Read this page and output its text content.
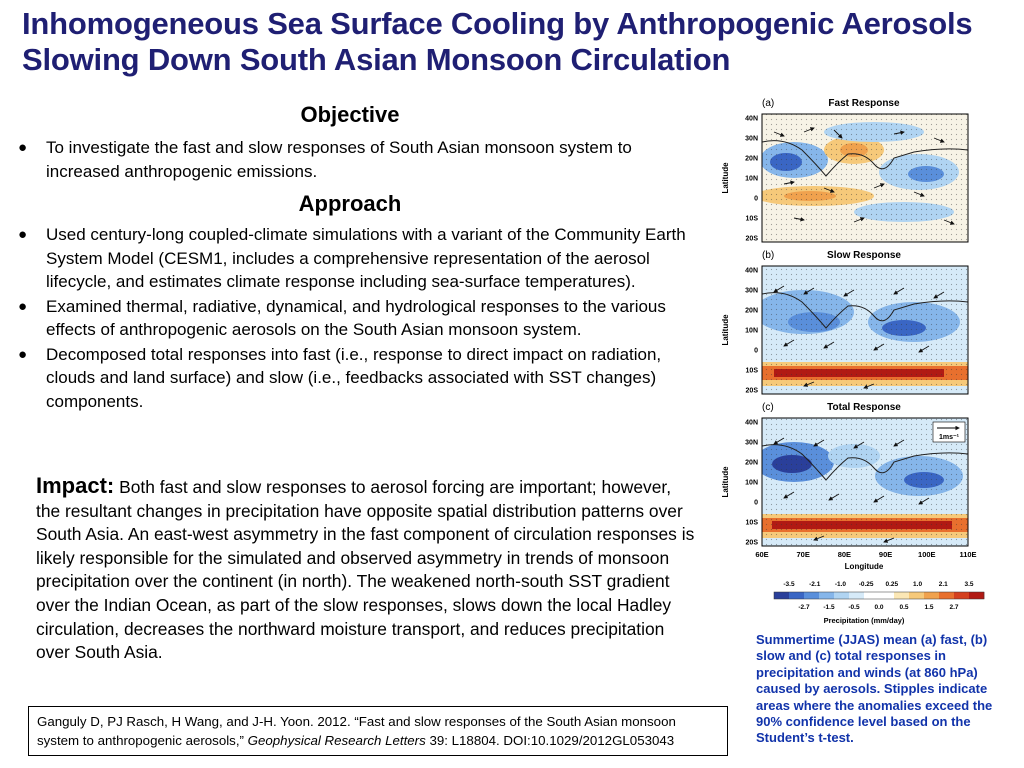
Inhomogeneous Sea Surface Cooling by Anthropogenic Aerosols Slowing Down South Asian Monsoon Circulation
Objective
● To investigate the fast and slow responses of South Asian monsoon system to increased anthropogenic emissions.
Approach
● Used century-long coupled-climate simulations with a variant of the Community Earth System Model (CESM1, includes a comprehensive representation of the aerosol lifecycle, and estimates climate response including sea-surface temperatures).
● Examined thermal, radiative, dynamical, and hydrological responses to the various effects of anthropogenic aerosols on the South Asian monsoon system.
● Decomposed total responses into fast (i.e., response to direct impact on radiation, clouds and land surface) and slow (i.e., feedbacks associated with SST changes) components.
Impact: Both fast and slow responses to aerosol forcing are important; however, the resultant changes in precipitation have opposite spatial distribution patterns over South Asia. An east-west asymmetry in the fast component of circulation responses is likely responsible for the simulated and observed asymmetry in trends of monsoon precipitation over the continent (in north). The weakened north-south SST gradient over the Indian Ocean, as part of the slow responses, slows down the local Hadley circulation, decreases the northward moisture transport, and reduces precipitation over South Asia.
Ganguly D, PJ Rasch, H Wang, and J-H. Yoon. 2012. “Fast and slow responses of the South Asian monsoon system to anthropogenic aerosols,” Geophysical Research Letters 39: L18804. DOI:10.1029/2012GL053043
Summertime (JJAS) mean (a) fast, (b) slow and (c) total responses in precipitation and winds (at 860 hPa) caused by aerosols. Stipples indicate areas where the anomalies exceed the 90% confidence level based on the Student’s t-test.
(a)	Fast Response
(b)	Slow Response
(c)	Total Response
1ms⁻¹
Latitude
Latitude
Latitude
Longitude
40N
30N
20N
10N
0
10S
20S
40N
30N
20N
10N
0
10S
20S
40N
30N
20N
10N
0
10S
20S
60E	70E	80E	90E	100E	110E
-3.5 -2.1 -1.0 -0.25 0.25 1.0	2.1	3.5
-2.7 -1.5 -0.5 0.0 0.5 1.5 2.7
Precipitation (mm/day)
